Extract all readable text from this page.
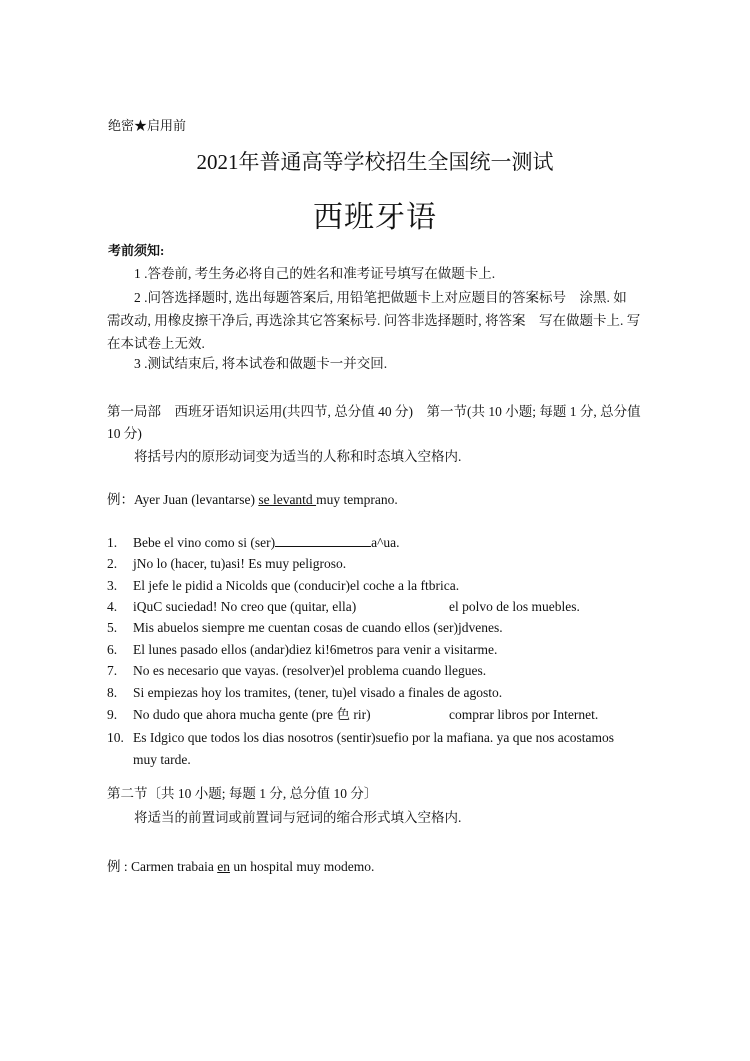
绝密★启用前
2021年普通高等学校招生全国统一测试
西班牙语
考前须知:
1 .答卷前, 考生务必将自己的姓名和准考证号填写在做题卡上.
2 .问答选择题时, 选出每题答案后, 用铅笔把做题卡上对应题目的答案标号　涂黑. 如
需改动, 用橡皮擦干净后, 再选涂其它答案标号. 问答非选择题时, 将答案　写在做题卡上. 写
在本试卷上无效.
3 .测试结束后, 将本试卷和做题卡一并交回.
第一局部　西班牙语知识运用(共四节, 总分值 40 分)　第一节(共 10 小题; 每题 1 分, 总分值
10 分)
将括号内的原形动词变为适当的人称和时态填入空格内.
例：Ayer Juan (levantarse) se levantd muy temprano.
1. Bebe el vino como si (ser)	a^ua.
2. jNo lo (hacer, tu)asi! Es muy peligroso.
3. El jefe le pidid a Nicolds que (conducir)el coche a la ftbrica.
4. iQuC suciedad! No creo que (quitar, ella)	el polvo de los muebles.
5. Mis abuelos siempre me cuentan cosas de cuando ellos (ser)jdvenes.
6. El lunes pasado ellos (andar)diez ki!6metros para venir a visitarme.
7. No es necesario que vayas. (resolver)el problema cuando llegues.
8. Si empiezas hoy los tramites, (tener, tu)el visado a finales de agosto.
9. No dudo que ahora mucha gente (pre 色 rir)	comprar libros por Internet.
10. Es Idgico que todos los dias nosotros (sentir)suefio por la mafiana. ya que nos acostamos
muy tarde.
第二节〔共 10 小题; 每题 1 分, 总分值 10 分〕
将适当的前置词或前置词与冠词的缩合形式填入空格内.
例 : Carmen trabaia en un hospital muy modemo.
